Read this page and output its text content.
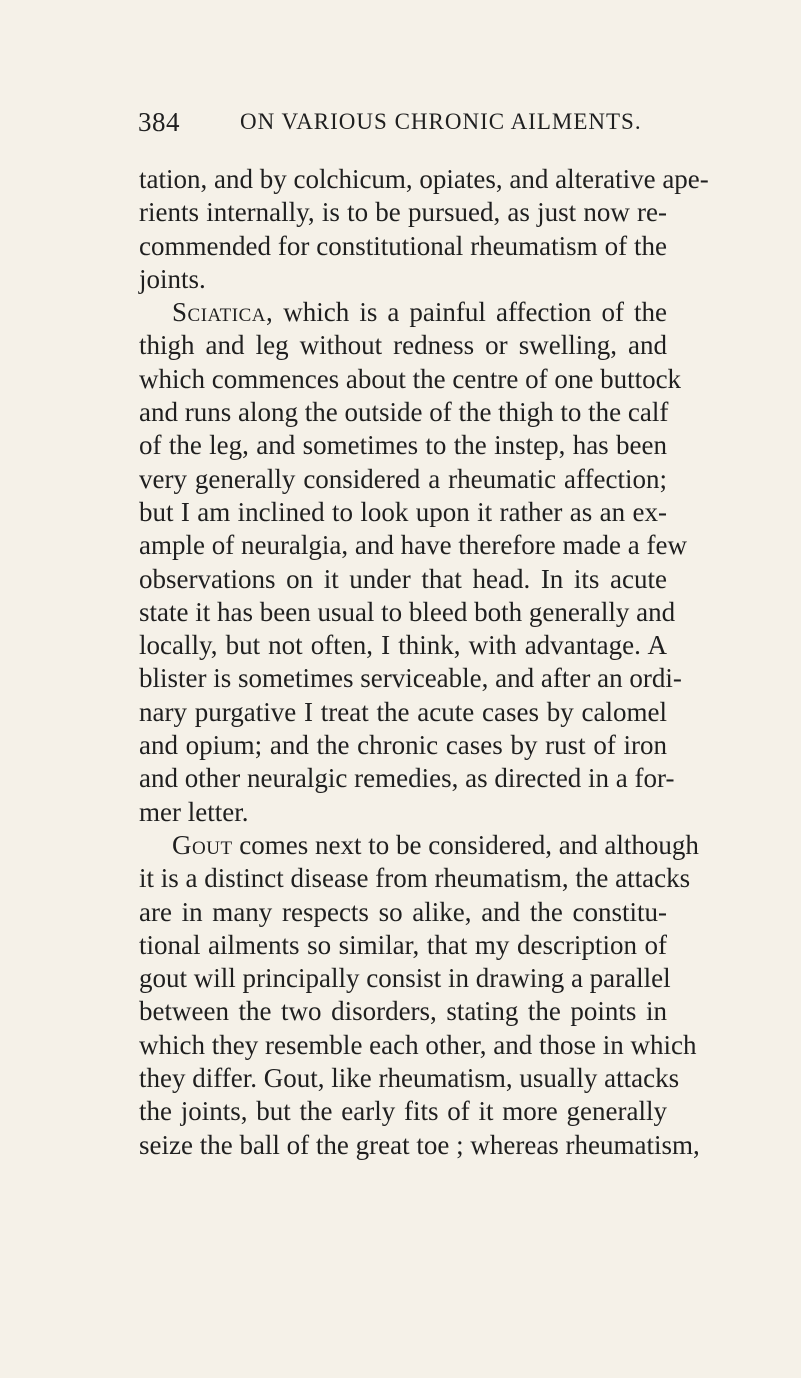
384	ON VARIOUS CHRONIC AILMENTS.
tation, and by colchicum, opiates, and alterative ape-
rients internally, is to be pursued, as just now re-
commended for constitutional rheumatism of the
joints.
Sciatica, which is a painful affection of the
thigh and leg without redness or swelling, and
which commences about the centre of one buttock
and runs along the outside of the thigh to the calf
of the leg, and sometimes to the instep, has been
very generally considered a rheumatic affection;
but I am inclined to look upon it rather as an ex-
ample of neuralgia, and have therefore made a few
observations on it under that head. In its acute
state it has been usual to bleed both generally and
locally, but not often, I think, with advantage. A
blister is sometimes serviceable, and after an ordi-
nary purgative I treat the acute cases by calomel
and opium; and the chronic cases by rust of iron
and other neuralgic remedies, as directed in a for-
mer letter.
Gout comes next to be considered, and although
it is a distinct disease from rheumatism, the attacks
are in many respects so alike, and the constitu-
tional ailments so similar, that my description of
gout will principally consist in drawing a parallel
between the two disorders, stating the points in
which they resemble each other, and those in which
they differ. Gout, like rheumatism, usually attacks
the joints, but the early fits of it more generally
seize the ball of the great toe ; whereas rheumatism,
